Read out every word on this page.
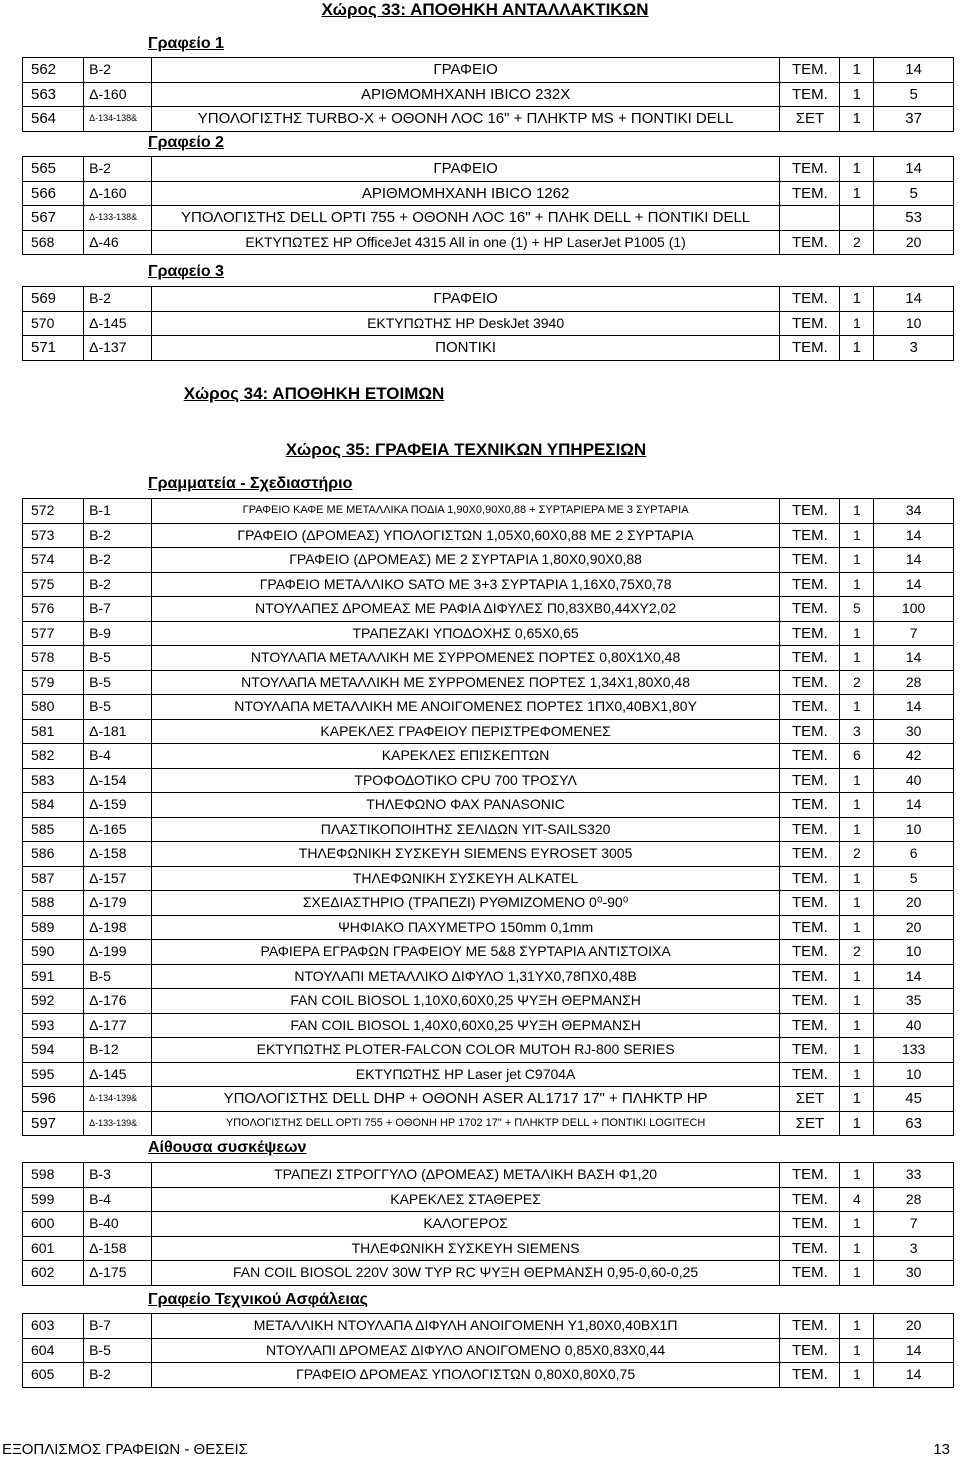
Χώρος 33: ΑΠΟΘΗΚΗ ΑΝΤΑΛΛΑΚΤΙΚΩΝ
Γραφείο 1
562	Β-2	ΓΡΑΦΕΙΟ	ΤΕΜ.	1	14
563	Δ-160	ΑΡΙΘΜΟΜΗΧΑΝΗ IBICO 232X	ΤΕΜ.	1	5
564	Δ-134-138&	ΥΠΟΛΟΓΙΣΤΗΣ TURBO-X + ΟΘΟΝΗ ΛΟC 16" + ΠΛΗΚΤΡ MS + ΠΟΝΤΙΚΙ DELL	ΣΕΤ	1	37
Γραφείο 2
565	Β-2	ΓΡΑΦΕΙΟ	ΤΕΜ.	1	14
566	Δ-160	ΑΡΙΘΜΟΜΗΧΑΝΗ IBICO 1262	ΤΕΜ.	1	5
567	Δ-133-138&	ΥΠΟΛΟΓΙΣΤΗΣ DELL OPTI 755 + ΟΘΟΝΗ ΛΟC 16" + ΠΛΗΚ DELL + ΠΟΝΤΙΚΙ DELL			53
568	Δ-46	ΕΚΤΥΠΩΤΕΣ HP OfficeJet 4315 All in one (1) + HP LaserJet P1005 (1)	ΤΕΜ.	2	20
Γραφείο 3
569	Β-2	ΓΡΑΦΕΙΟ	ΤΕΜ.	1	14
570	Δ-145	ΕΚΤΥΠΩΤΗΣ HP DeskJet 3940	ΤΕΜ.	1	10
571	Δ-137	ΠΟΝΤΙΚΙ	ΤΕΜ.	1	3
Χώρος 34: ΑΠΟΘΗΚΗ ΕΤΟΙΜΩΝ
Χώρος 35: ΓΡΑΦΕΙΑ ΤΕΧΝΙΚΩΝ ΥΠΗΡΕΣΙΩΝ
Γραμματεία - Σχεδιαστήριο
572	Β-1	ΓΡΑΦΕΙΟ ΚΑΦΕ ΜΕ ΜΕΤΑΛΛΙΚΑ ΠΟΔΙΑ 1,90Χ0,90Χ0,88 + ΣΥΡΤΑΡΙΕΡΑ ΜΕ 3 ΣΥΡΤΑΡΙΑ	ΤΕΜ.	1	34
573	Β-2	ΓΡΑΦΕΙΟ (ΔΡΟΜΕΑΣ) ΥΠΟΛΟΓΙΣΤΩΝ 1,05Χ0,60Χ0,88 ΜΕ 2 ΣΥΡΤΑΡΙΑ	ΤΕΜ.	1	14
574	Β-2	ΓΡΑΦΕΙΟ (ΔΡΟΜΕΑΣ) ΜΕ 2 ΣΥΡΤΑΡΙΑ 1,80Χ0,90Χ0,88	ΤΕΜ.	1	14
575	Β-2	ΓΡΑΦΕΙΟ ΜΕΤΑΛΛΙΚΟ SATO ΜΕ 3+3 ΣΥΡΤΑΡΙΑ 1,16Χ0,75Χ0,78	ΤΕΜ.	1	14
576	Β-7	ΝΤΟΥΛΑΠΕΣ ΔΡΟΜΕΑΣ ΜΕ ΡΑΦΙΑ ΔΙΦΥΛΕΣ Π0,83ΧΒ0,44ΧΥ2,02	ΤΕΜ.	5	100
577	Β-9	ΤΡΑΠΕΖΑΚΙ ΥΠΟΔΟΧΗΣ 0,65Χ0,65	ΤΕΜ.	1	7
578	Β-5	ΝΤΟΥΛΑΠΑ ΜΕΤΑΛΛΙΚΗ ΜΕ ΣΥΡΡΟΜΕΝΕΣ ΠΟΡΤΕΣ 0,80Χ1Χ0,48	ΤΕΜ.	1	14
579	Β-5	ΝΤΟΥΛΑΠΑ ΜΕΤΑΛΛΙΚΗ ΜΕ ΣΥΡΡΟΜΕΝΕΣ ΠΟΡΤΕΣ 1,34Χ1,80Χ0,48	ΤΕΜ.	2	28
580	Β-5	ΝΤΟΥΛΑΠΑ ΜΕΤΑΛΛΙΚΗ ΜΕ ΑΝΟΙΓΟΜΕΝΕΣ ΠΟΡΤΕΣ 1ΠΧ0,40ΒΧ1,80Υ	ΤΕΜ.	1	14
581	Δ-181	ΚΑΡΕΚΛΕΣ ΓΡΑΦΕΙΟΥ ΠΕΡΙΣΤΡΕΦΟΜΕΝΕΣ	ΤΕΜ.	3	30
582	Β-4	ΚΑΡΕΚΛΕΣ ΕΠΙΣΚΕΠΤΩΝ	ΤΕΜ.	6	42
583	Δ-154	ΤΡΟΦΟΔΟΤΙΚΟ CPU 700 ΤΡΟΣΥΛ	ΤΕΜ.	1	40
584	Δ-159	ΤΗΛΕΦΩΝΟ ΦΑΧ PANASONIC	ΤΕΜ.	1	14
585	Δ-165	ΠΛΑΣΤΙΚΟΠΟΙΗΤΗΣ ΣΕΛΙΔΩΝ YIT-SAILS320	ΤΕΜ.	1	10
586	Δ-158	ΤΗΛΕΦΩΝΙΚΗ ΣΥΣΚΕΥΗ SIEMENS EYROSET 3005	ΤΕΜ.	2	6
587	Δ-157	ΤΗΛΕΦΩΝΙΚΗ ΣΥΣΚΕΥΗ ALKATEL	ΤΕΜ.	1	5
588	Δ-179	ΣΧΕΔΙΑΣΤΗΡΙΟ (ΤΡΑΠΕΖΙ) ΡΥΘΜΙΖΟΜΕΝΟ 0⁰-90⁰	ΤΕΜ.	1	20
589	Δ-198	ΨΗΦΙΑΚΟ ΠΑΧΥΜΕΤΡΟ 150mm 0,1mm	ΤΕΜ.	1	20
590	Δ-199	ΡΑΦΙΕΡΑ ΕΓΡΑΦΩΝ ΓΡΑΦΕΙΟΥ ΜΕ 5&8 ΣΥΡΤΑΡΙΑ ΑΝΤΙΣΤΟΙΧΑ	ΤΕΜ.	2	10
591	Β-5	ΝΤΟΥΛΑΠΙ ΜΕΤΑΛΛΙΚΟ ΔΙΦΥΛΟ 1,31ΥΧ0,78ΠΧ0,48Β	ΤΕΜ.	1	14
592	Δ-176	FAN COIL BIOSOL 1,10Χ0,60Χ0,25 ΨΥΞΗ ΘΕΡΜΑΝΣΗ	ΤΕΜ.	1	35
593	Δ-177	FAN COIL BIOSOL 1,40Χ0,60Χ0,25 ΨΥΞΗ ΘΕΡΜΑΝΣΗ	ΤΕΜ.	1	40
594	Β-12	ΕΚΤΥΠΩΤΗΣ PLOTER-FALCON COLOR MUTOH RJ-800 SERIES	ΤΕΜ.	1	133
595	Δ-145	ΕΚΤΥΠΩΤΗΣ HP Laser jet C9704A	ΤΕΜ.	1	10
596	Δ-134-139&	ΥΠΟΛΟΓΙΣΤΗΣ DELL DHP + ΟΘΟΝΗ ASER AL1717 17" + ΠΛΗΚΤΡ HP	ΣΕΤ	1	45
597	Δ-133-139&	ΥΠΟΛΟΓΙΣΤΗΣ DELL OPTI 755 + ΟΘΟΝΗ HP 1702 17" + ΠΛΗΚΤΡ DELL + ΠΟΝΤΙΚΙ LOGITECH	ΣΕΤ	1	63
Αίθουσα συσκέψεων
598	Β-3	ΤΡΑΠΕΖΙ ΣΤΡΟΓΓΥΛΟ (ΔΡΟΜΕΑΣ) ΜΕΤΑΛΙΚΗ ΒΑΣΗ Φ1,20	ΤΕΜ.	1	33
599	Β-4	ΚΑΡΕΚΛΕΣ ΣΤΑΘΕΡΕΣ	ΤΕΜ.	4	28
600	Β-40	ΚΑΛΟΓΕΡΟΣ	ΤΕΜ.	1	7
601	Δ-158	ΤΗΛΕΦΩΝΙΚΗ ΣΥΣΚΕΥΗ SIEMENS	ΤΕΜ.	1	3
602	Δ-175	FAN COIL BIOSOL 220V 30W TYP RC ΨΥΞΗ ΘΕΡΜΑΝΣΗ 0,95-0,60-0,25	ΤΕΜ.	1	30
Γραφείο Τεχνικού Ασφάλειας
603	Β-7	ΜΕΤΑΛΛΙΚΗ ΝΤΟΥΛΑΠΑ ΔΙΦΥΛΗ ΑΝΟΙΓΟΜΕΝΗ Υ1,80Χ0,40ΒΧ1Π	ΤΕΜ.	1	20
604	Β-5	ΝΤΟΥΛΑΠΙ ΔΡΟΜΕΑΣ ΔΙΦΥΛΟ ΑΝΟΙΓΟΜΕΝΟ 0,85Χ0,83Χ0,44	ΤΕΜ.	1	14
605	Β-2	ΓΡΑΦΕΙΟ ΔΡΟΜΕΑΣ ΥΠΟΛΟΓΙΣΤΩΝ 0,80Χ0,80Χ0,75	ΤΕΜ.	1	14
ΕΞΟΠΛΙΣΜΟΣ ΓΡΑΦΕΙΩΝ - ΘΕΣΕΙΣ	13
